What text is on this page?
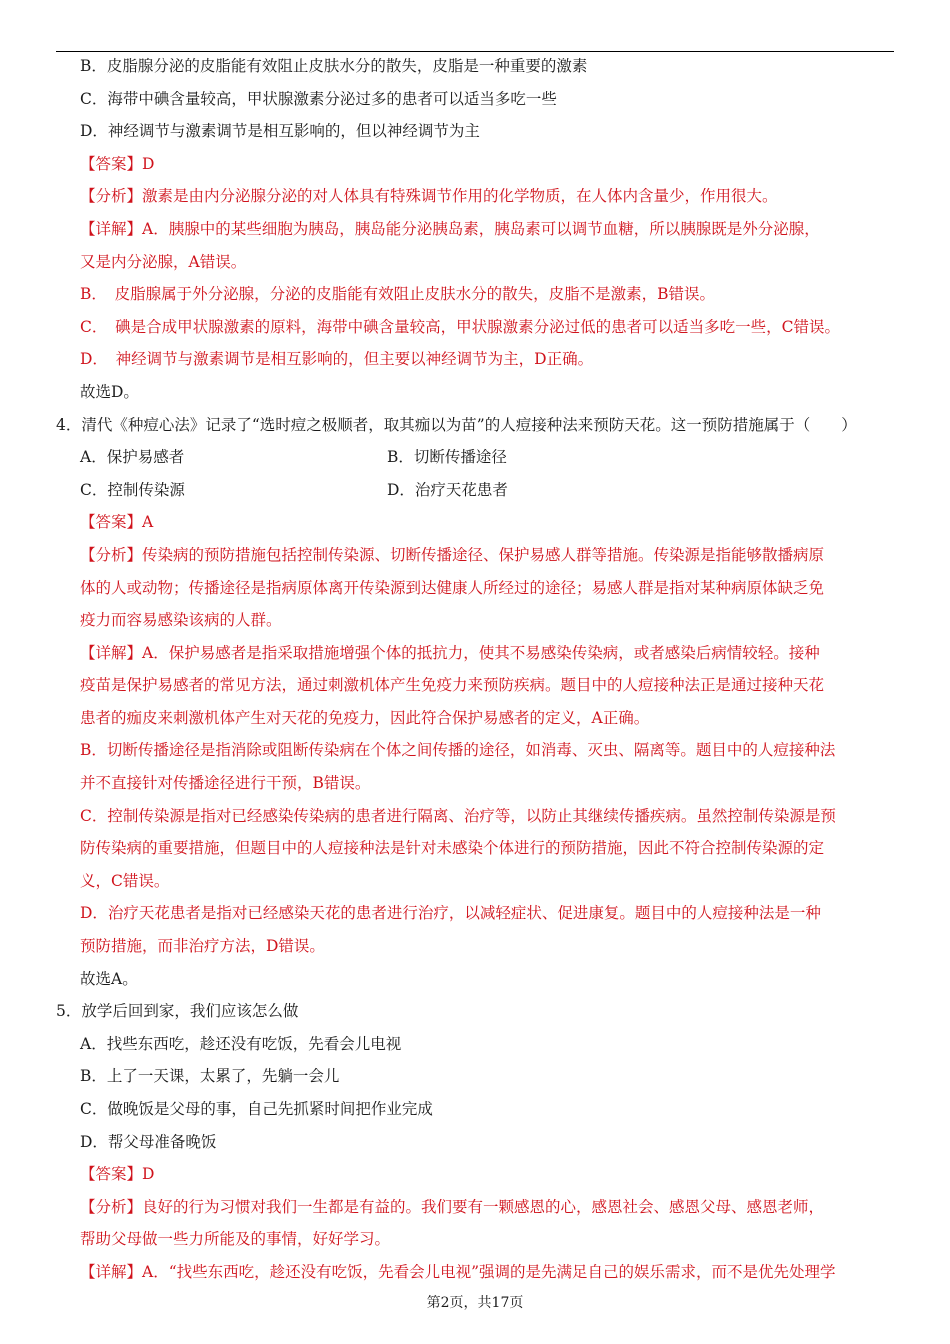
B．皮脂腺分泌的皮脂能有效阻止皮肤水分的散失，皮脂是一种重要的激素
C．海带中碘含量较高，甲状腺激素分泌过多的患者可以适当多吃一些
D．神经调节与激素调节是相互影响的，但以神经调节为主
【答案】D
【分析】激素是由内分泌腺分泌的对人体具有特殊调节作用的化学物质，在人体内含量少，作用很大。
【详解】A．胰腺中的某些细胞为胰岛，胰岛能分泌胰岛素，胰岛素可以调节血糖，所以胰腺既是外分泌腺，
又是内分泌腺，A错误。
B．　皮脂腺属于外分泌腺，分泌的皮脂能有效阻止皮肤水分的散失，皮脂不是激素，B错误。
C．　碘是合成甲状腺激素的原料，海带中碘含量较高，甲状腺激素分泌过低的患者可以适当多吃一些，C错误。
D．　神经调节与激素调节是相互影响的，但主要以神经调节为主，D正确。
故选D。
4．清代《种痘心法》记录了“选时痘之极顺者，取其痂以为苗”的人痘接种法来预防天花。这一预防措施属于（　　）
A．保护易感者	B．切断传播途径
C．控制传染源	D．治疗天花患者
【答案】A
【分析】传染病的预防措施包括控制传染源、切断传播途径、保护易感人群等措施。传染源是指能够散播病原
体的人或动物；传播途径是指病原体离开传染源到达健康人所经过的途径；易感人群是指对某种病原体缺乏免
疫力而容易感染该病的人群。
【详解】A．保护易感者是指采取措施增强个体的抵抗力，使其不易感染传染病，或者感染后病情较轻。接种
疫苗是保护易感者的常见方法，通过刺激机体产生免疫力来预防疾病。题目中的人痘接种法正是通过接种天花
患者的痂皮来刺激机体产生对天花的免疫力，因此符合保护易感者的定义，A正确。
B．切断传播途径是指消除或阻断传染病在个体之间传播的途径，如消毒、灭虫、隔离等。题目中的人痘接种法
并不直接针对传播途径进行干预，B错误。
C．控制传染源是指对已经感染传染病的患者进行隔离、治疗等，以防止其继续传播疾病。虽然控制传染源是预
防传染病的重要措施，但题目中的人痘接种法是针对未感染个体进行的预防措施，因此不符合控制传染源的定
义，C错误。
D．治疗天花患者是指对已经感染天花的患者进行治疗，以减轻症状、促进康复。题目中的人痘接种法是一种
预防措施，而非治疗方法，D错误。
故选A。
5．放学后回到家，我们应该怎么做
A．找些东西吃，趁还没有吃饭，先看会儿电视
B．上了一天课，太累了，先躺一会儿
C．做晚饭是父母的事，自己先抓紧时间把作业完成
D．帮父母准备晚饭
【答案】D
【分析】良好的行为习惯对我们一生都是有益的。我们要有一颗感恩的心，感恩社会、感恩父母、感恩老师，
帮助父母做一些力所能及的事情，好好学习。
【详解】A．“找些东西吃，趁还没有吃饭，先看会儿电视”强调的是先满足自己的娱乐需求，而不是优先处理学
第2页，共17页
